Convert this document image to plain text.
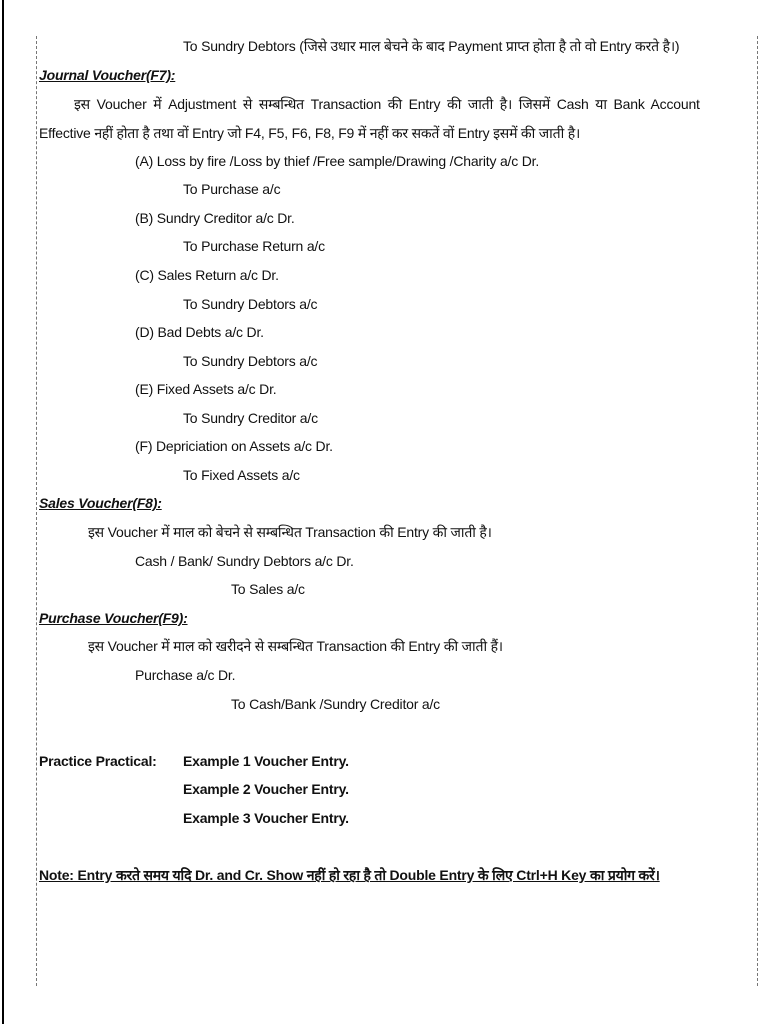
To Sundry Debtors (जिसे उधार माल बेचने के बाद Payment प्राप्त होता है तो वो Entry करते है।)
Journal Voucher(F7):
इस Voucher में Adjustment से सम्बन्धित Transaction की Entry की जाती है। जिसमें Cash या Bank Account
Effective नहीं होता है तथा वों Entry जो F4, F5, F6, F8, F9 में नहीं कर सकतें वों Entry इसमें की जाती है।
(A) Loss by fire /Loss by thief /Free sample/Drawing /Charity a/c Dr.
To Purchase a/c
(B) Sundry Creditor a/c Dr.
To Purchase Return a/c
(C) Sales Return a/c Dr.
To Sundry Debtors a/c
(D) Bad Debts a/c Dr.
To Sundry Debtors a/c
(E) Fixed Assets a/c Dr.
To Sundry Creditor a/c
(F) Depriciation on Assets a/c Dr.
To Fixed Assets a/c
Sales Voucher(F8):
इस Voucher में माल को बेचने से सम्बन्धित Transaction की Entry की जाती है।
Cash / Bank/ Sundry Debtors a/c Dr.
To Sales a/c
Purchase Voucher(F9):
इस Voucher में माल को खरीदने से सम्बन्धित Transaction की Entry की जाती हैं।
Purchase a/c Dr.
To Cash/Bank /Sundry Creditor a/c
Practice Practical: Example 1 Voucher Entry.
Example 2 Voucher Entry.
Example 3 Voucher Entry.
Note: Entry करते समय यदि Dr. and Cr. Show नहीं हो रहा है तो Double Entry के लिए Ctrl+H Key का प्रयोग करें।
